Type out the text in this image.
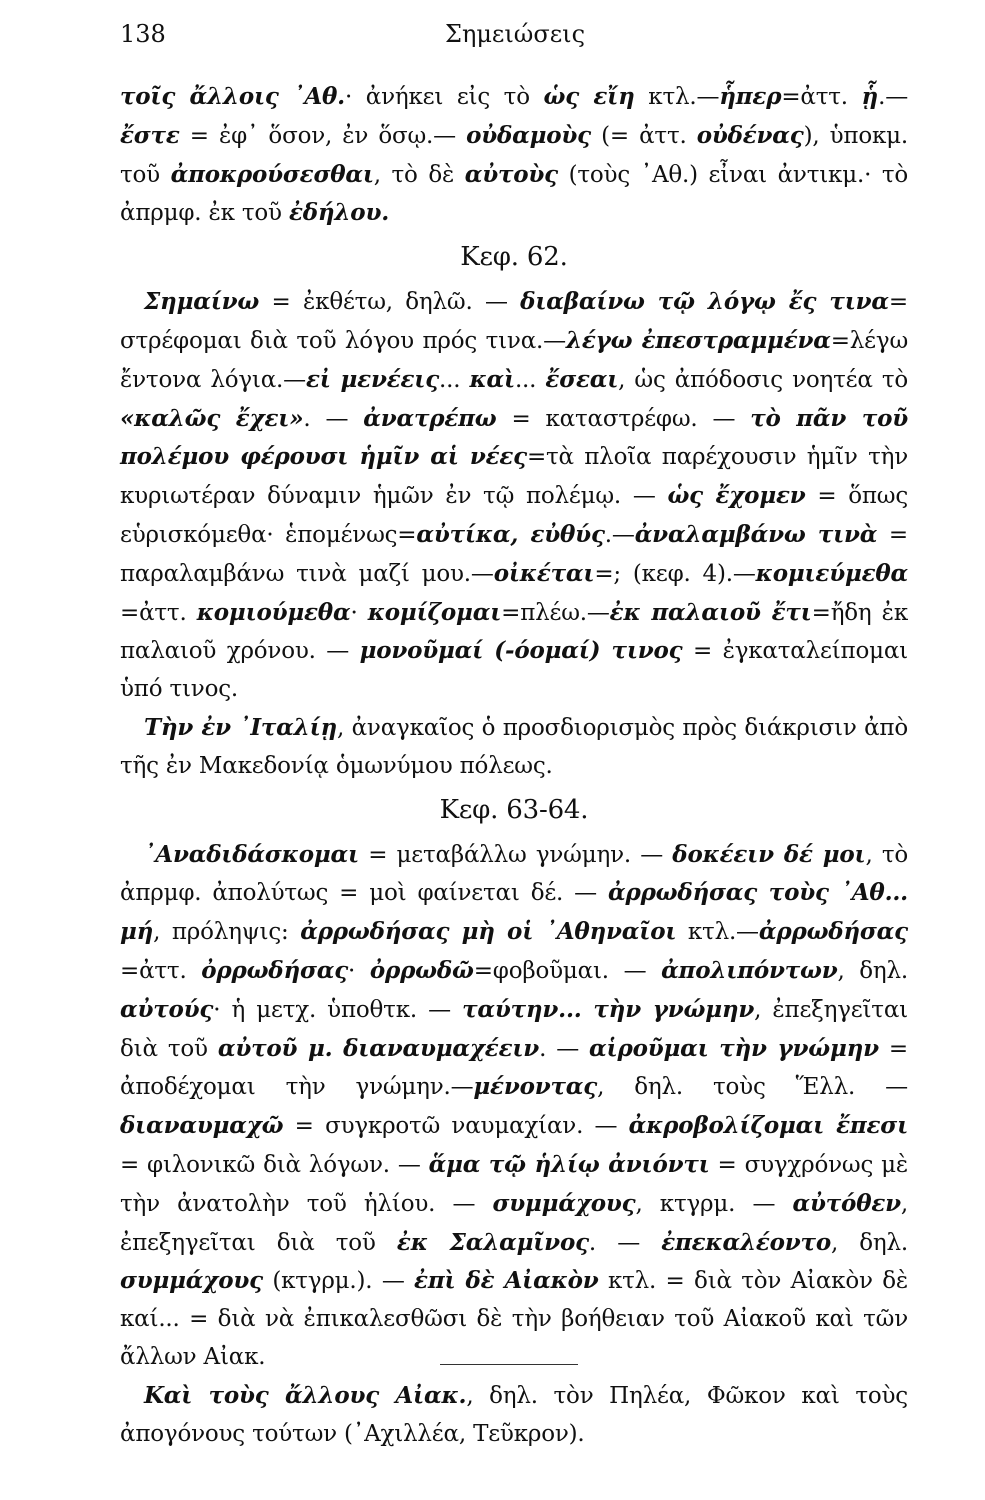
138	Σημειώσεις

τοῖς ἄλλοις ᾿Αθ.· ἀνήκει εἰς τὸ ὡς εἴη κτλ.—ἧπερ=ἀττ. ᾗ.— ἔστε = ἐφ᾽ ὅσον, ἐν ὅσῳ.— οὐδαμοὺς (= ἀττ. οὐδένας), ὑποκμ. τοῦ ἀποκρούσεσθαι, τὸ δὲ αὐτοὺς (τοὺς ᾿Αθ.) εἶναι ἀντικμ.· τὸ ἀπρμφ. ἐκ τοῦ ἐδήλου.

Κεφ. 62.

Σημαίνω = ἐκθέτω, δηλῶ. — διαβαίνω τῷ λόγῳ ἔς τινα= στρέφομαι διὰ τοῦ λόγου πρός τινα.—λέγω ἐπεστραμμένα=λέγω ἔντονα λόγια.—εἰ μενέεις... καὶ... ἔσεαι, ὡς ἀπόδοσις νοητέα τὸ «καλῶς ἔχει». — ἀνατρέπω = καταστρέφω. — τὸ πᾶν τοῦ πολέμου φέρουσι ἡμῖν αἱ νέες=τὰ πλοῖα παρέχουσιν ἡμῖν τὴν κυριωτέραν δύναμιν ἡμῶν ἐν τῷ πολέμῳ. — ὡς ἔχομεν = ὅπως εὑρισκόμεθα· ἑπομένως=αὐτίκα, εὐθύς.—ἀναλαμβάνω τινὰ = παραλαμβάνω τινὰ μαζί μου.—οἰκέται=; (κεφ. 4).—κομιεύμεθα =ἀττ. κομιούμεθα· κομίζομαι=πλέω.—ἐκ παλαιοῦ ἔτι=ἤδη ἐκ παλαιοῦ χρόνου. — μονοῦμαί (-όομαί) τινος = ἐγκαταλείπομαι ὑπό τινος.

Τὴν ἐν ᾿Ιταλίῃ, ἀναγκαῖος ὁ προσδιορισμὸς πρὸς διάκρισιν ἀπὸ τῆς ἐν Μακεδονίᾳ ὁμωνύμου πόλεως.

Κεφ. 63-64.

᾿Αναδιδάσκομαι = μεταβάλλω γνώμην. — δοκέειν δέ μοι, τὸ ἀπρμφ. ἀπολύτως = μοὶ φαίνεται δέ. — ἀρρωδήσας τοὺς ᾿Αθ... μή, πρόληψις: ἀρρωδήσας μὴ οἱ ᾿Αθηναῖοι κτλ.—ἀρρωδήσας =ἀττ. ὀρρωδήσας· ὀρρωδῶ=φοβοῦμαι. — ἀπολιπόντων, δηλ. αὐτούς· ἡ μετχ. ὑποθτκ. — ταύτην... τὴν γνώμην, ἐπεξηγεῖται διὰ τοῦ αὐτοῦ μ. διαναυμαχέειν. — αἱροῦμαι τὴν γνώμην = ἀποδέχομαι τὴν γνώμην.—μένοντας, δηλ. τοὺς Ἕλλ. — διαναυμαχῶ = συγκροτῶ ναυμαχίαν. — ἀκροβολίζομαι ἔπεσι = φιλονικῶ διὰ λόγων. — ἅμα τῷ ἡλίῳ ἀνιόντι = συγχρόνως μὲ τὴν ἀνατολὴν τοῦ ἡλίου. — συμμάχους, κτγρμ. — αὐτόθεν, ἐπεξηγεῖται διὰ τοῦ ἐκ Σαλαμῖνος. — ἐπεκαλέοντο, δηλ. συμμάχους (κτγρμ.). — ἐπὶ δὲ Αἰακὸν κτλ. = διὰ τὸν Αἰακὸν δὲ καί... = διὰ νὰ ἐπικαλεσθῶσι δὲ τὴν βοήθειαν τοῦ Αἰακοῦ καὶ τῶν ἄλλων Αἰακ.

Καὶ τοὺς ἄλλους Αἰακ., δηλ. τὸν Πηλέα, Φῶκον καὶ τοὺς ἀπογόνους τούτων (᾿Αχιλλέα, Τεῦκρον).
